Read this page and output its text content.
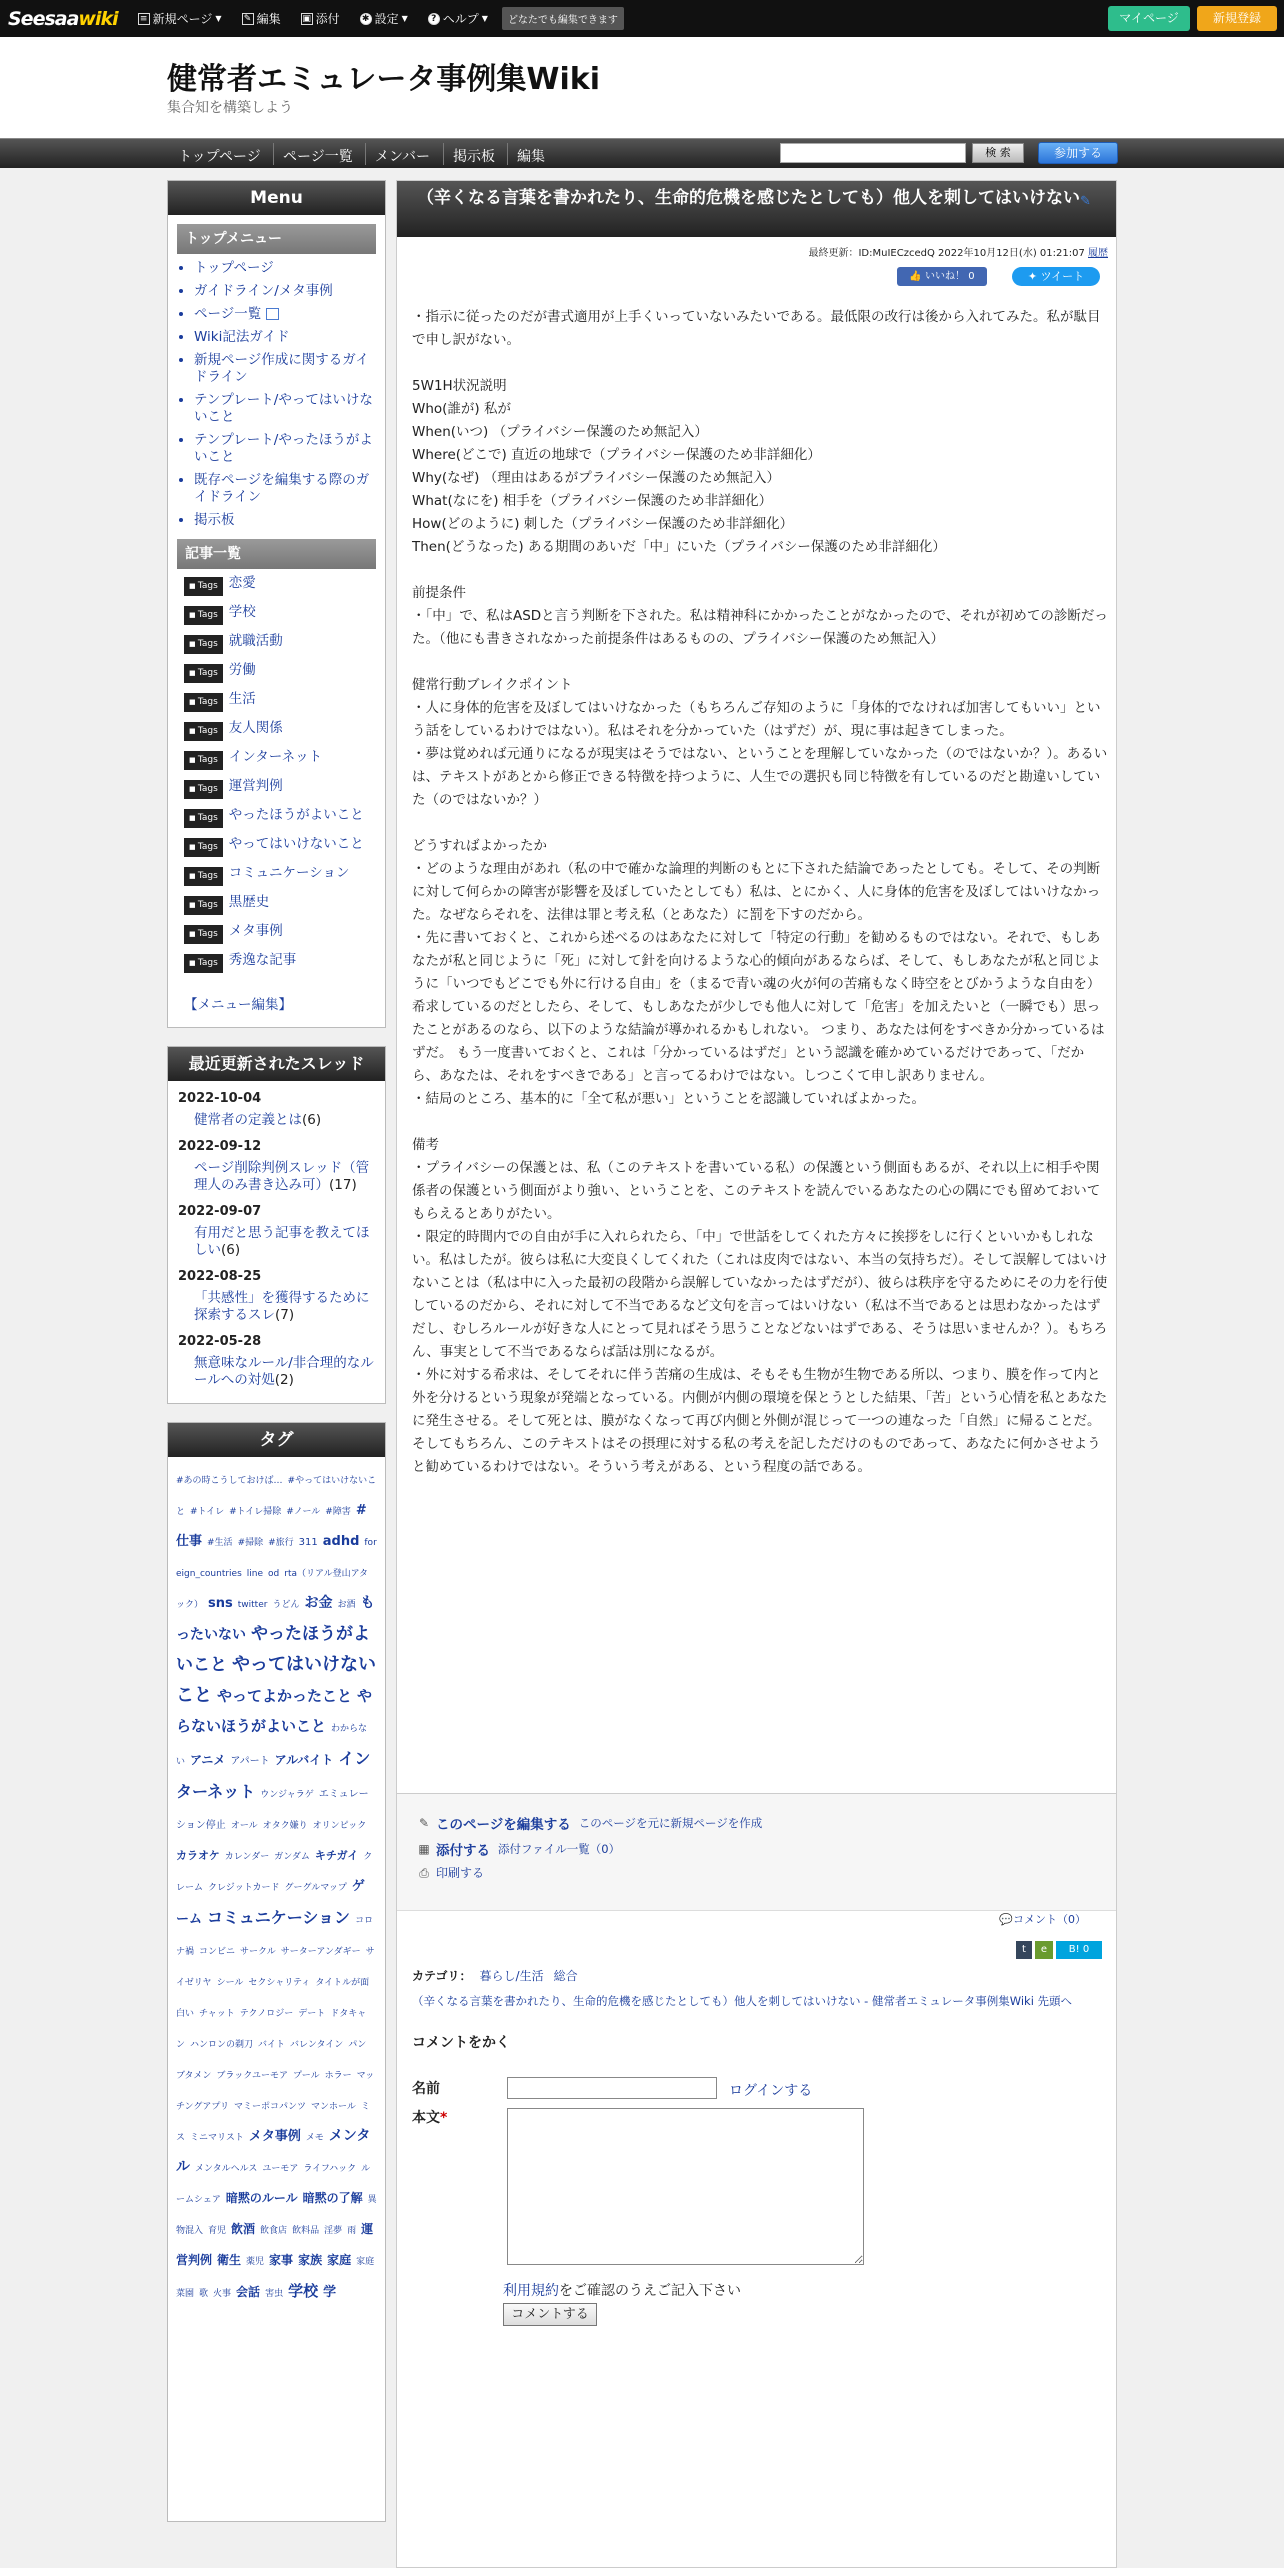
Seesaawiki ≡ 新規ページ ▼ ✎ 編集 ▣ 添付 ✱ 設定 ▼	? ヘルプ ▼	どなたでも編集できます	マイページ	新規登録
健常者エミュレータ事例集Wiki
集合知を構築しよう
トップページ ページ一覧 メンバー 掲示板 編集	検 索	参加する
Menu
トップメニュー
• トップページ
• ガイドライン/メタ事例
• ページ一覧
• Wiki記法ガイド
• 新規ページ作成に関するガイドライン
• テンプレート/やってはいけないこと
• テンプレート/やったほうがよいこと
• 既存ページを編集する際のガイドライン
• 掲示板
記事一覧
■ Tags 恋愛
■ Tags 学校
■ Tags 就職活動
■ Tags 労働
■ Tags 生活
■ Tags 友人関係
■ Tags インターネット
■ Tags 運営判例
■ Tags やったほうがよいこと
■ Tags やってはいけないこと
■ Tags コミュニケーション
■ Tags 黒歴史
■ Tags メタ事例
■ Tags 秀逸な記事
【メニュー編集】
最近更新されたスレッド
2022-10-04
健常者の定義とは(6)
2022-09-12
ページ削除判例スレッド（管理人のみ書き込み可）(17)
2022-09-07
有用だと思う記事を教えてほしい(6)
2022-08-25
「共感性」を獲得するために探索するスレ(7)
2022-05-28
無意味なルール/非合理的なルールへの対処(2)
タグ
#あの時こうしておけば… #やってはいけないこと #トイレ #トイレ掃除 #ノール #障害 #仕事 #生活 #掃除 #旅行 311 adhd foreign_countries line od rta（リアル登山アタック） sns twitter うどん お金 お酒 もったいない やったほうがよいこと やってはいけないこと やってよかったこと やらないほうがよいこと わからない アニメ アパート アルバイト インターネット ウンジャラゲ エミュレーション停止 オール オタク嫌り オリンピックカラオケ カレンダー ガンダム キチガイ クレーム クレジットカード グーグルマップ ゲーム コミュニケーション コロナ禍 コンビニ サークル サーターアンダギー サイゼリヤ シール セクシャリティ タイトルが面白い チャット テクノロジー デート ドタキャン ハンロンの剃刀 バイト バレンタイン パンブタメン ブラックユーモア プール ホラー マッチングアプリ マミーポコパンツ マンホール ミス ミニマリスト メタ事例 メモ メンタル メンタルヘルス ユーモア ライフハック ルームシェア 暗黙のルール 暗黙の了解 異物混入 育児 飲酒 飲食店 飲料品 淫夢 雨 運営判例 衛生 薬児 家事 家族 家庭 家庭菜園 歌 火事 会話 害虫 学校 学
（辛くなる言葉を書かれたり、生命的危機を感じたとしても）他人を刺してはいけない✎
最終更新：ID:MuIECzcedQ 2022年10月12日(水) 01:21:07 履歴
👍 いいね！ 0	✦ ツイート

・指示に従ったのだが書式適用が上手くいっていないみたいである。最低限の改行は後から入れてみた。私が駄目で申し訳がない。

5W1H状況説明
Who(誰が) 私が
When(いつ) （プライバシー保護のため無記入）
Where(どこで) 直近の地球で（プライバシー保護のため非詳細化）
Why(なぜ) （理由はあるがプライバシー保護のため無記入）
What(なにを) 相手を（プライバシー保護のため非詳細化）
How(どのように) 刺した（プライバシー保護のため非詳細化）
Then(どうなった) ある期間のあいだ「中」にいた（プライバシー保護のため非詳細化）

前提条件
・「中」で、私はASDと言う判断を下された。私は精神科にかかったことがなかったので、それが初めての診断だった。（他にも書きされなかった前提条件はあるものの、プライバシー保護のため無記入）

健常行動ブレイクポイント
・人に身体的危害を及ぼしてはいけなかった（もちろんご存知のように「身体的でなければ加害してもいい」という話をしているわけではない）。私はそれを分かっていた（はずだ）が、現に事は起きてしまった。
・夢は覚めれば元通りになるが現実はそうではない、ということを理解していなかった（のではないか？）。あるいは、テキストがあとから修正できる特徴を持つように、人生での選択も同じ特徴を有しているのだと勘違いしていた（のではないか？）

どうすればよかったか
・どのような理由があれ（私の中で確かな論理的判断のもとに下された結論であったとしても。そして、その判断に対して何らかの障害が影響を及ぼしていたとしても）私は、とにかく、人に身体的危害を及ぼしてはいけなかった。なぜならそれを、法律は罪と考え私（とあなた）に罰を下すのだから。
・先に書いておくと、これから述べるのはあなたに対して「特定の行動」を勧めるものではない。それで、もしあなたが私と同じように「死」に対して針を向けるような心的傾向があるならば、そして、もしあなたが私と同じように「いつでもどこでも外に行ける自由」を（まるで青い魂の火が何の苦痛もなく時空をとびかうような自由を）希求しているのだとしたら、そして、もしあなたが少しでも他人に対して「危害」を加えたいと（一瞬でも）思ったことがあるのなら、以下のような結論が導かれるかもしれない。 つまり、あなたは何をすべきか分かっているはずだ。 もう一度書いておくと、これは「分かっているはずだ」という認識を確かめているだけであって、「だから、あなたは、それをすべきである」と言ってるわけではない。しつこくて申し訳ありません。
・結局のところ、基本的に「全て私が悪い」ということを認識していればよかった。

備考
・プライバシーの保護とは、私（このテキストを書いている私）の保護という側面もあるが、それ以上に相手や関係者の保護という側面がより強い、ということを、このテキストを読んでいるあなたの心の隅にでも留めておいてもらえるとありがたい。
・限定的時間内での自由が手に入れられたら、「中」で世話をしてくれた方々に挨拶をしに行くといいかもしれない。私はしたが。彼らは私に大変良くしてくれた（これは皮肉ではない、本当の気持ちだ）。そして誤解してはいけないことは（私は中に入った最初の段階から誤解していなかったはずだが）、彼らは秩序を守るためにその力を行使しているのだから、それに対して不当であるなど文句を言ってはいけない（私は不当であるとは思わなかったはずだし、むしろルールが好きな人にとって見ればそう思うことなどないはずである、そうは思いませんか？）。もちろん、事実として不当であるならば話は別になるが。
・外に対する希求は、そしてそれに伴う苦痛の生成は、そもそも生物が生物である所以、つまり、膜を作って内と外を分けるという現象が発端となっている。内側が内側の環境を保とうとした結果、「苦」という心情を私とあなたに発生させる。そして死とは、膜がなくなって再び内側と外側が混じって一つの連なった「自然」に帰ることだ。そしてもちろん、このテキストはその摂理に対する私の考えを記しただけのものであって、あなたに何かさせようと勧めているわけではない。そういう考えがある、という程度の話である。

✎ このページを編集する このページを元に新規ページを作成
▦ 添付する 添付ファイル一覧（0）
⎙ 印刷する
💬コメント（0）
t	e	B! 0
カテゴリ： 暮らし/生活 総合
（辛くなる言葉を書かれたり、生命的危機を感じたとしても）他人を刺してはいけない - 健常者エミュレータ事例集Wiki 先頭へ
コメントをかく
名前	ログインする
本文*
利用規約をご確認のうえご記入下さい
コメントする
